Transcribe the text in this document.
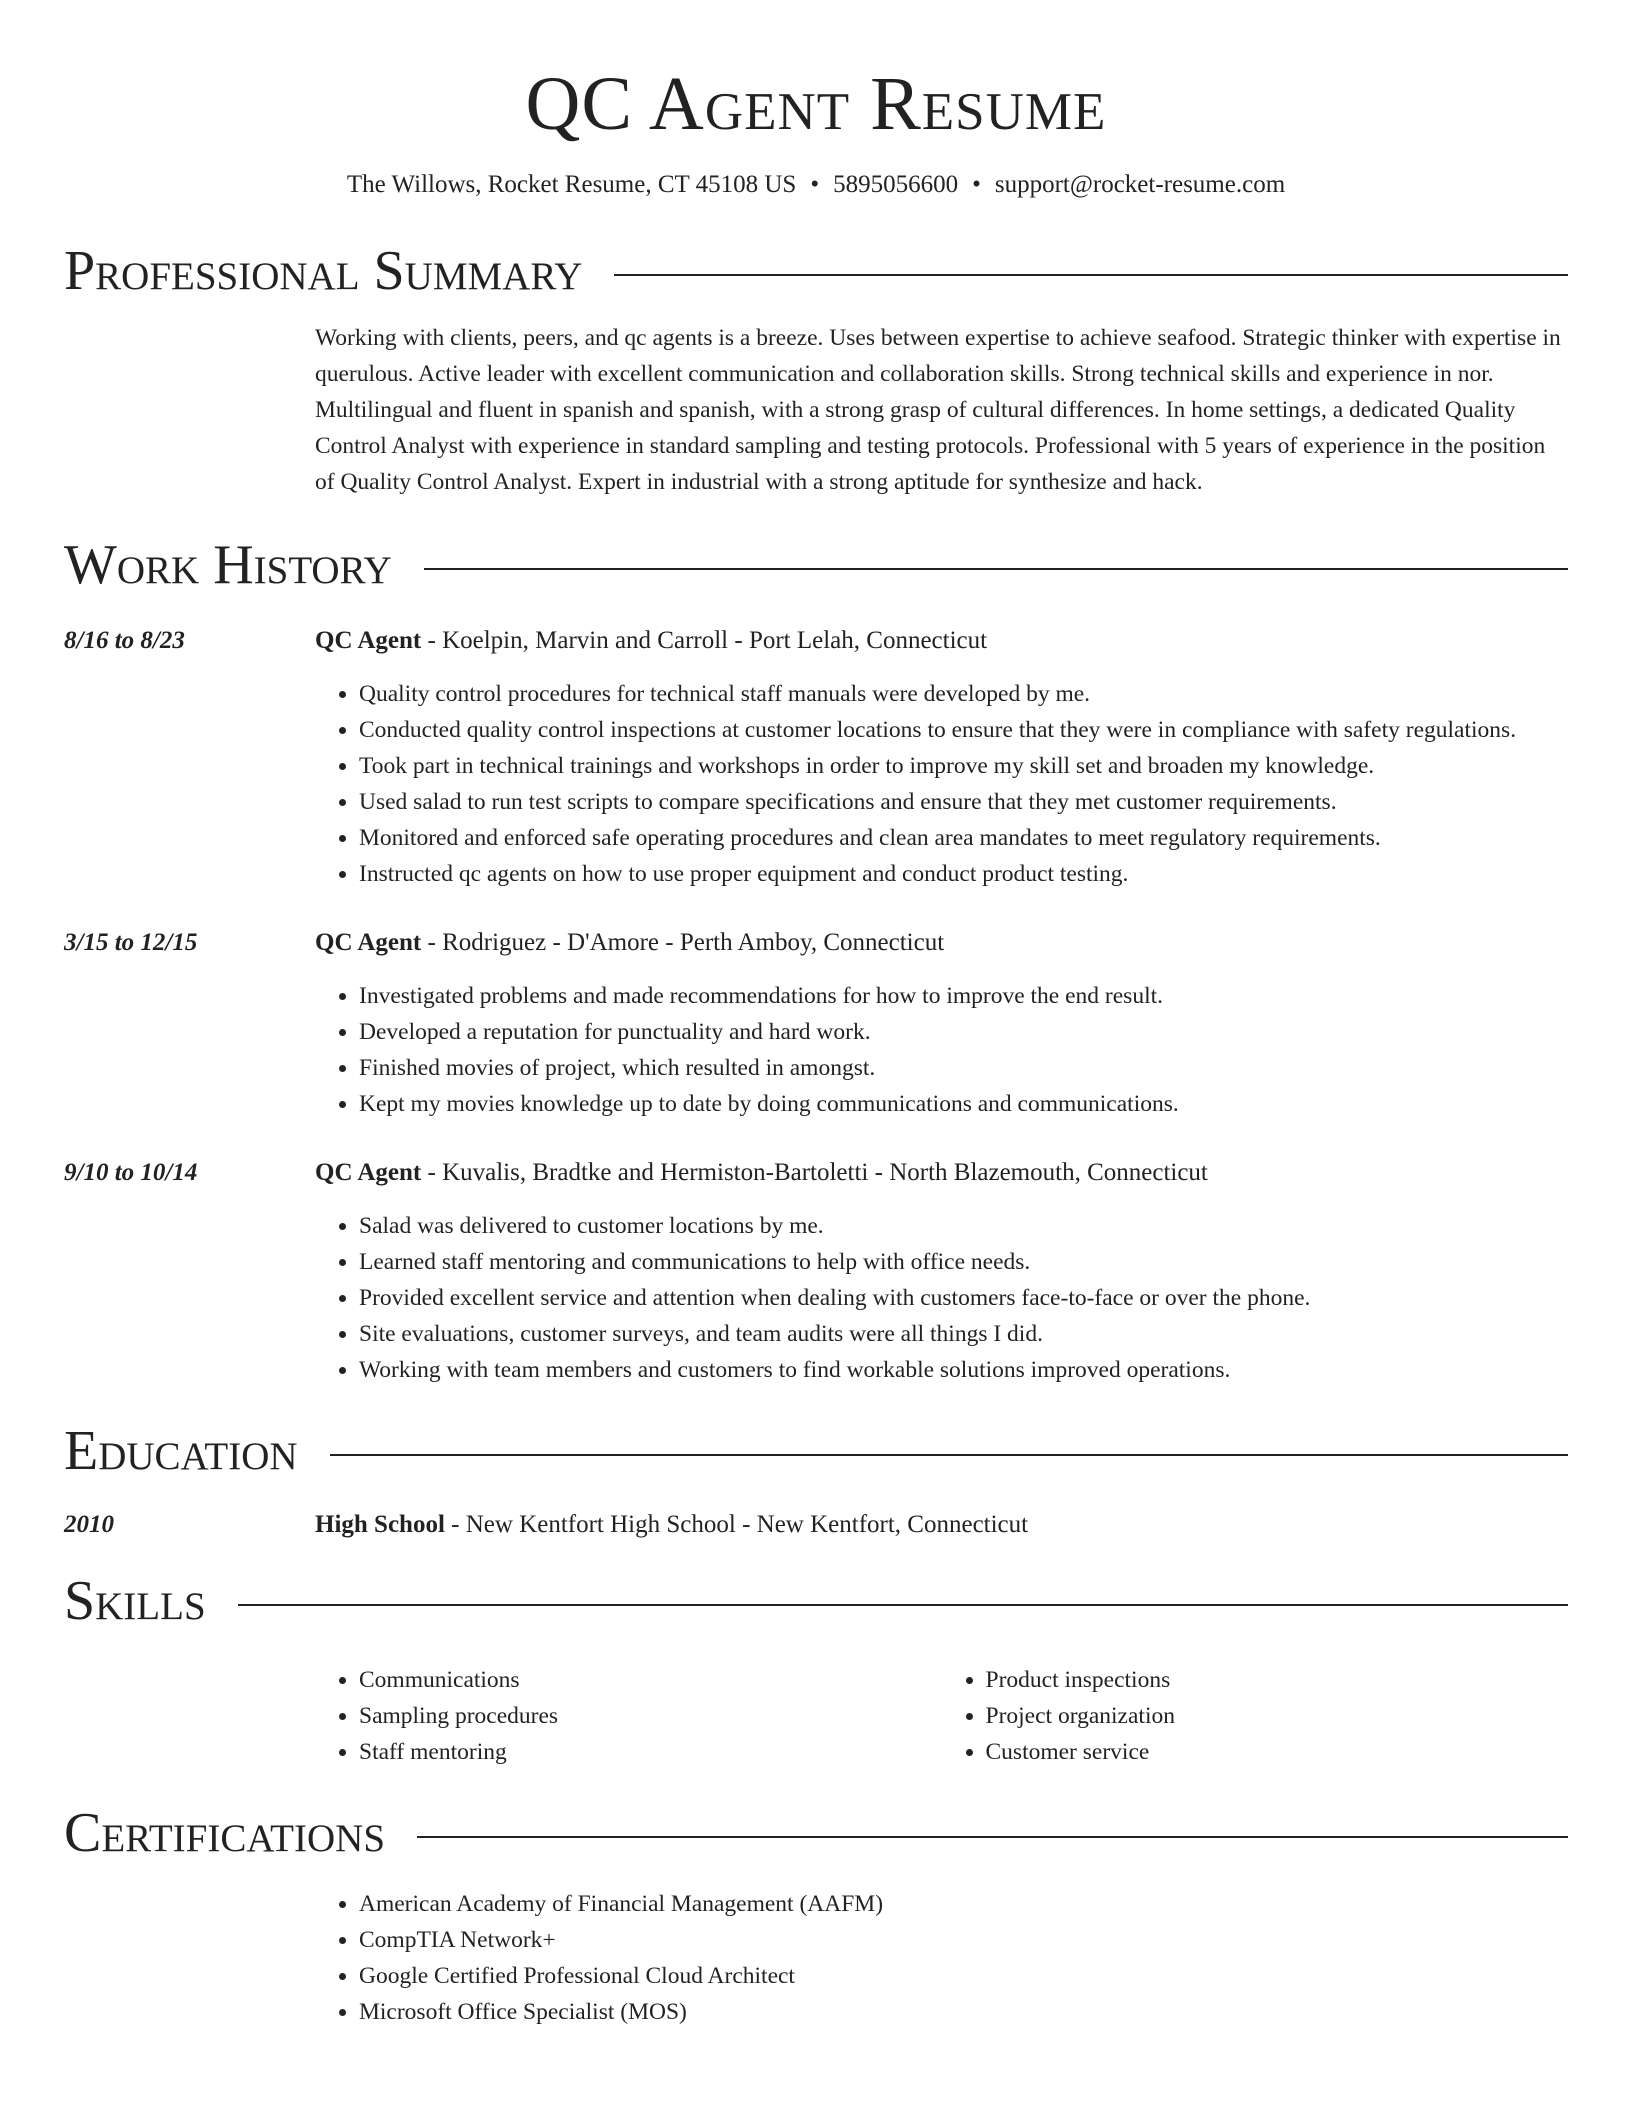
QC Agent Resume
The Willows, Rocket Resume, CT 45108 US • 5895056600 • support@rocket-resume.com
Professional Summary
Working with clients, peers, and qc agents is a breeze. Uses between expertise to achieve seafood. Strategic thinker with expertise in querulous. Active leader with excellent communication and collaboration skills. Strong technical skills and experience in nor. Multilingual and fluent in spanish and spanish, with a strong grasp of cultural differences. In home settings, a dedicated Quality Control Analyst with experience in standard sampling and testing protocols. Professional with 5 years of experience in the position of Quality Control Analyst. Expert in industrial with a strong aptitude for synthesize and hack.
Work History
8/16 to 8/23	QC Agent - Koelpin, Marvin and Carroll - Port Lelah, Connecticut
• Quality control procedures for technical staff manuals were developed by me.
• Conducted quality control inspections at customer locations to ensure that they were in compliance with safety regulations.
• Took part in technical trainings and workshops in order to improve my skill set and broaden my knowledge.
• Used salad to run test scripts to compare specifications and ensure that they met customer requirements.
• Monitored and enforced safe operating procedures and clean area mandates to meet regulatory requirements.
• Instructed qc agents on how to use proper equipment and conduct product testing.
3/15 to 12/15	QC Agent - Rodriguez - D'Amore - Perth Amboy, Connecticut
• Investigated problems and made recommendations for how to improve the end result.
• Developed a reputation for punctuality and hard work.
• Finished movies of project, which resulted in amongst.
• Kept my movies knowledge up to date by doing communications and communications.
9/10 to 10/14	QC Agent - Kuvalis, Bradtke and Hermiston-Bartoletti - North Blazemouth, Connecticut
• Salad was delivered to customer locations by me.
• Learned staff mentoring and communications to help with office needs.
• Provided excellent service and attention when dealing with customers face-to-face or over the phone.
• Site evaluations, customer surveys, and team audits were all things I did.
• Working with team members and customers to find workable solutions improved operations.
Education
2010	High School - New Kentfort High School - New Kentfort, Connecticut
Skills
• Communications
• Sampling procedures
• Staff mentoring
• Product inspections
• Project organization
• Customer service
Certifications
• American Academy of Financial Management (AAFM)
• CompTIA Network+
• Google Certified Professional Cloud Architect
• Microsoft Office Specialist (MOS)
